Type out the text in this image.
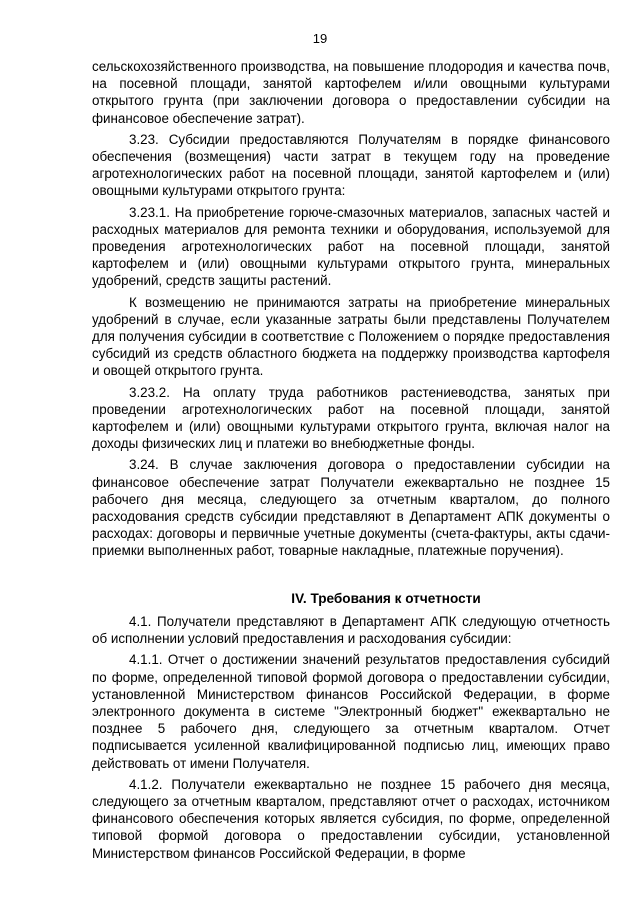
19

сельскохозяйственного производства, на повышение плодородия и качества почв, на посевной площади, занятой картофелем и/или овощными культурами открытого грунта (при заключении договора о предоставлении субсидии на финансовое обеспечение затрат).

3.23. Субсидии предоставляются Получателям в порядке финансового обеспечения (возмещения) части затрат в текущем году на проведение агротехнологических работ на посевной площади, занятой картофелем и (или) овощными культурами открытого грунта:

3.23.1. На приобретение горюче-смазочных материалов, запасных частей и расходных материалов для ремонта техники и оборудования, используемой для проведения агротехнологических работ на посевной площади, занятой картофелем и (или) овощными культурами открытого грунта, минеральных удобрений, средств защиты растений.

К возмещению не принимаются затраты на приобретение минеральных удобрений в случае, если указанные затраты были представлены Получателем для получения субсидии в соответствие с Положением о порядке предоставления субсидий из средств областного бюджета на поддержку производства картофеля и овощей открытого грунта.

3.23.2. На оплату труда работников растениеводства, занятых при проведении агротехнологических работ на посевной площади, занятой картофелем и (или) овощными культурами открытого грунта, включая налог на доходы физических лиц и платежи во внебюджетные фонды.

3.24. В случае заключения договора о предоставлении субсидии на финансовое обеспечение затрат Получатели ежеквартально не позднее 15 рабочего дня месяца, следующего за отчетным кварталом, до полного расходования средств субсидии представляют в Департамент АПК документы о расходах: договоры и первичные учетные документы (счета-фактуры, акты сдачи-приемки выполненных работ, товарные накладные, платежные поручения).

IV. Требования к отчетности

4.1. Получатели представляют в Департамент АПК следующую отчетность об исполнении условий предоставления и расходования субсидии:

4.1.1. Отчет о достижении значений результатов предоставления субсидий по форме, определенной типовой формой договора о предоставлении субсидии, установленной Министерством финансов Российской Федерации, в форме электронного документа в системе "Электронный бюджет" ежеквартально не позднее 5 рабочего дня, следующего за отчетным кварталом. Отчет подписывается усиленной квалифицированной подписью лиц, имеющих право действовать от имени Получателя.

4.1.2. Получатели ежеквартально не позднее 15 рабочего дня месяца, следующего за отчетным кварталом, представляют отчет о расходах, источником финансового обеспечения которых является субсидия, по форме, определенной типовой формой договора о предоставлении субсидии, установленной Министерством финансов Российской Федерации, в форме
